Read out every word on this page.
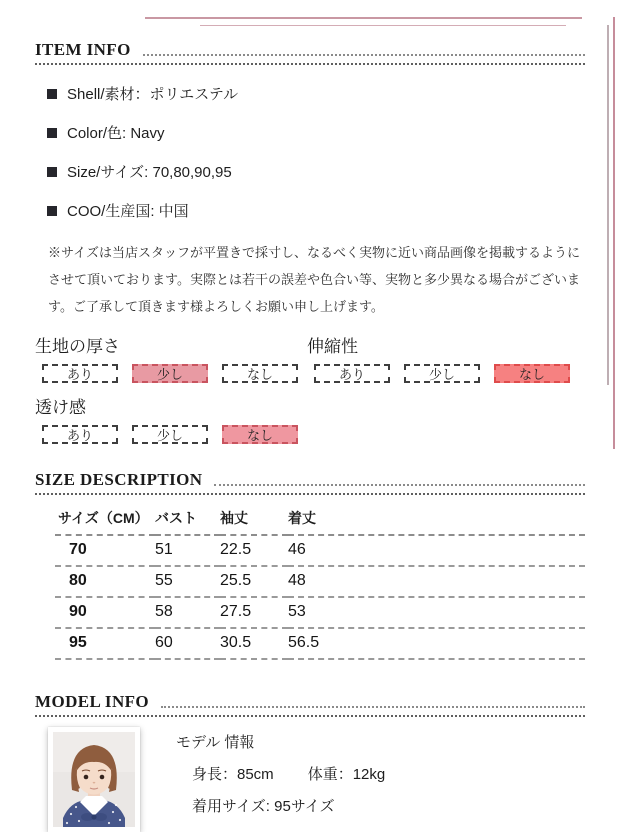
ITEM INFO
Shell/素材：ポリエステル
Color/色: Navy
Size/サイズ: 70,80,90,95
COO/生産国: 中国

※サイズは当店スタッフが平置きで採寸し、なるべく実物に近い商品画像を掲載するようにさせて頂いております。実際とは若干の誤差や色合い等、実物と多少異なる場合がございます。ご了承して頂きます様よろしくお願い申し上げます。

生地の厚さ
あり	少し	なし
伸縮性
あり	少し	なし
透け感
あり	少し	なし
SIZE DESCRIPTION
サイズ（CM）	バスト	袖丈	着丈
70	51	22.5	46
80	55	25.5	48
90	58	27.5	53
95	60	30.5	56.5
MODEL INFO
モデル 情報
身長：85cm 体重：12kg
着用サイズ: 95サイズ
